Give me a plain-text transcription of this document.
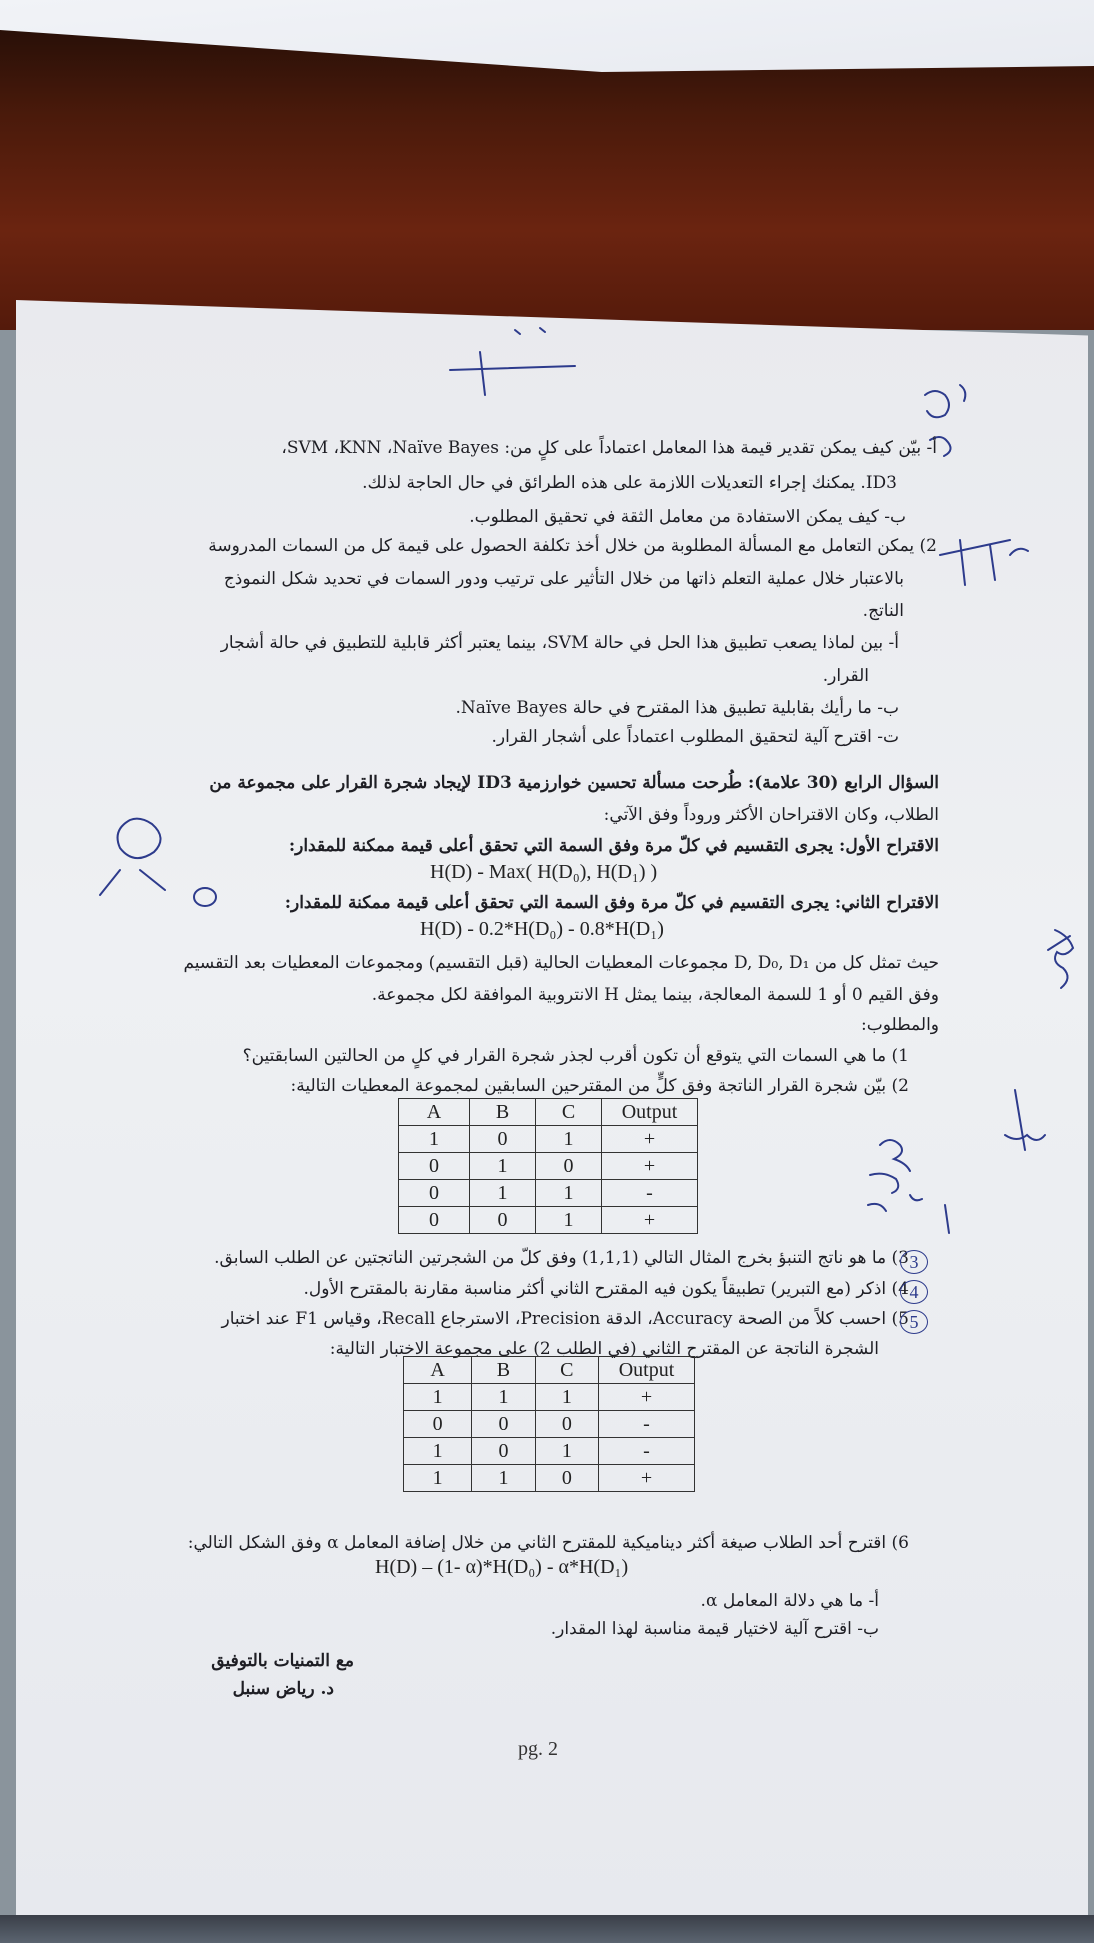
أ- بيّن كيف يمكن تقدير قيمة هذا المعامل اعتماداً على كلٍ من: SVM ،KNN ،Naïve Bayes،
ID3. يمكنك إجراء التعديلات اللازمة على هذه الطرائق في حال الحاجة لذلك.
ب- كيف يمكن الاستفادة من معامل الثقة في تحقيق المطلوب.
2) يمكن التعامل مع المسألة المطلوبة من خلال أخذ تكلفة الحصول على قيمة كل من السمات المدروسة
بالاعتبار خلال عملية التعلم ذاتها من خلال التأثير على ترتيب ودور السمات في تحديد شكل النموذج
الناتج.
أ- بين لماذا يصعب تطبيق هذا الحل في حالة SVM، بينما يعتبر أكثر قابلية للتطبيق في حالة أشجار
القرار.
ب- ما رأيك بقابلية تطبيق هذا المقترح في حالة Naïve Bayes.
ت- اقترح آلية لتحقيق المطلوب اعتماداً على أشجار القرار.
السؤال الرابع (30 علامة): طُرحت مسألة تحسين خوارزمية ID3 لإيجاد شجرة القرار على مجموعة من
الطلاب، وكان الاقتراحان الأكثر وروداً وفق الآتي:
الاقتراح الأول: يجرى التقسيم في كلّ مرة وفق السمة التي تحقق أعلى قيمة ممكنة للمقدار:
H(D) - Max( H(D₀), H(D₁) )
الاقتراح الثاني: يجرى التقسيم في كلّ مرة وفق السمة التي تحقق أعلى قيمة ممكنة للمقدار:
H(D) - 0.2*H(D₀) - 0.8*H(D₁)
حيث تمثل كل من D, D₀, D₁ مجموعات المعطيات الحالية (قبل التقسيم) ومجموعات المعطيات بعد التقسيم
وفق القيم 0 أو 1 للسمة المعالجة، بينما يمثل H الانتروبية الموافقة لكل مجموعة.
والمطلوب:
1) ما هي السمات التي يتوقع أن تكون أقرب لجذر شجرة القرار في كلٍ من الحالتين السابقتين؟
2) بيّن شجرة القرار الناتجة وفق كلٍّ من المقترحين السابقين لمجموعة المعطيات التالية:
A	B	C	Output
1	0	1	+
0	1	0	+
0	1	1	-
0	0	1	+
3) ما هو ناتج التنبؤ بخرج المثال التالي (1,1,1) وفق كلّ من الشجرتين الناتجتين عن الطلب السابق.
4) اذكر (مع التبرير) تطبيقاً يكون فيه المقترح الثاني أكثر مناسبة مقارنة بالمقترح الأول.
5) احسب كلاً من الصحة Accuracy، الدقة Precision، الاسترجاع Recall، وقياس F1 عند اختبار
الشجرة الناتجة عن المقترح الثاني (في الطلب 2) على مجموعة الاختبار التالية:
3
4
5
A	B	C	Output
1	1	1	+
0	0	0	-
1	0	1	-
1	1	0	+
6) اقترح أحد الطلاب صيغة أكثر ديناميكية للمقترح الثاني من خلال إضافة المعامل α وفق الشكل التالي:
H(D) – (1- α)*H(D₀) - α*H(D₁)
أ- ما هي دلالة المعامل α.
ب- اقترح آلية لاختيار قيمة مناسبة لهذا المقدار.
مع التمنيات بالتوفيق
د. رياض سنبل
pg. 2
